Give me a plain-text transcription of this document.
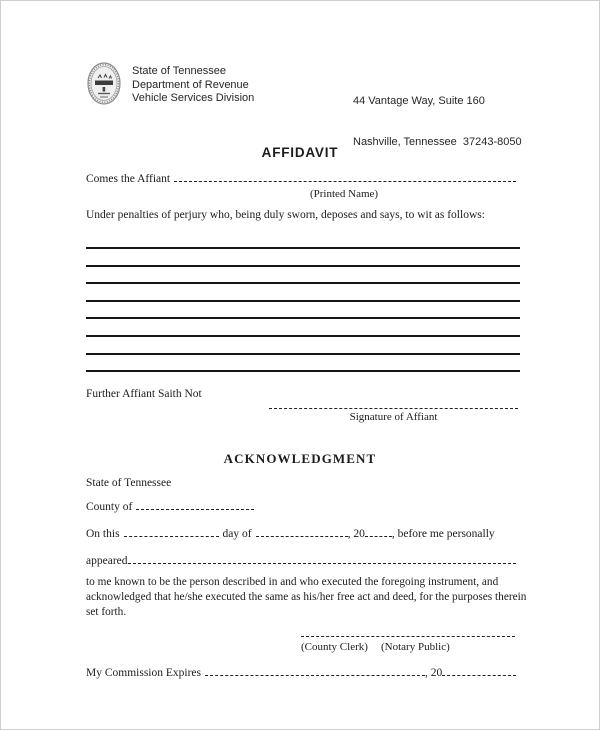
State of Tennessee
Department of Revenue
Vehicle Services Division

	44 Vantage Way, Suite 160

Nashville, Tennessee  37243-8050

AFFIDAVIT
Comes the Affiant
(Printed Name)
Under penalties of perjury who, being duly sworn, deposes and says, to wit as follows:
Further Affiant Saith Not
Signature of Affiant
ACKNOWLEDGMENT
State of Tennessee
County of
On this	day of	, 20 , before me personally
appeared
to me known to be the person described in and who executed the foregoing instrument, and acknowledged that he/she executed the same as his/her free act and deed, for the purposes therein set forth.
(County Clerk) (Notary Public)
My Commission Expires	, 20
